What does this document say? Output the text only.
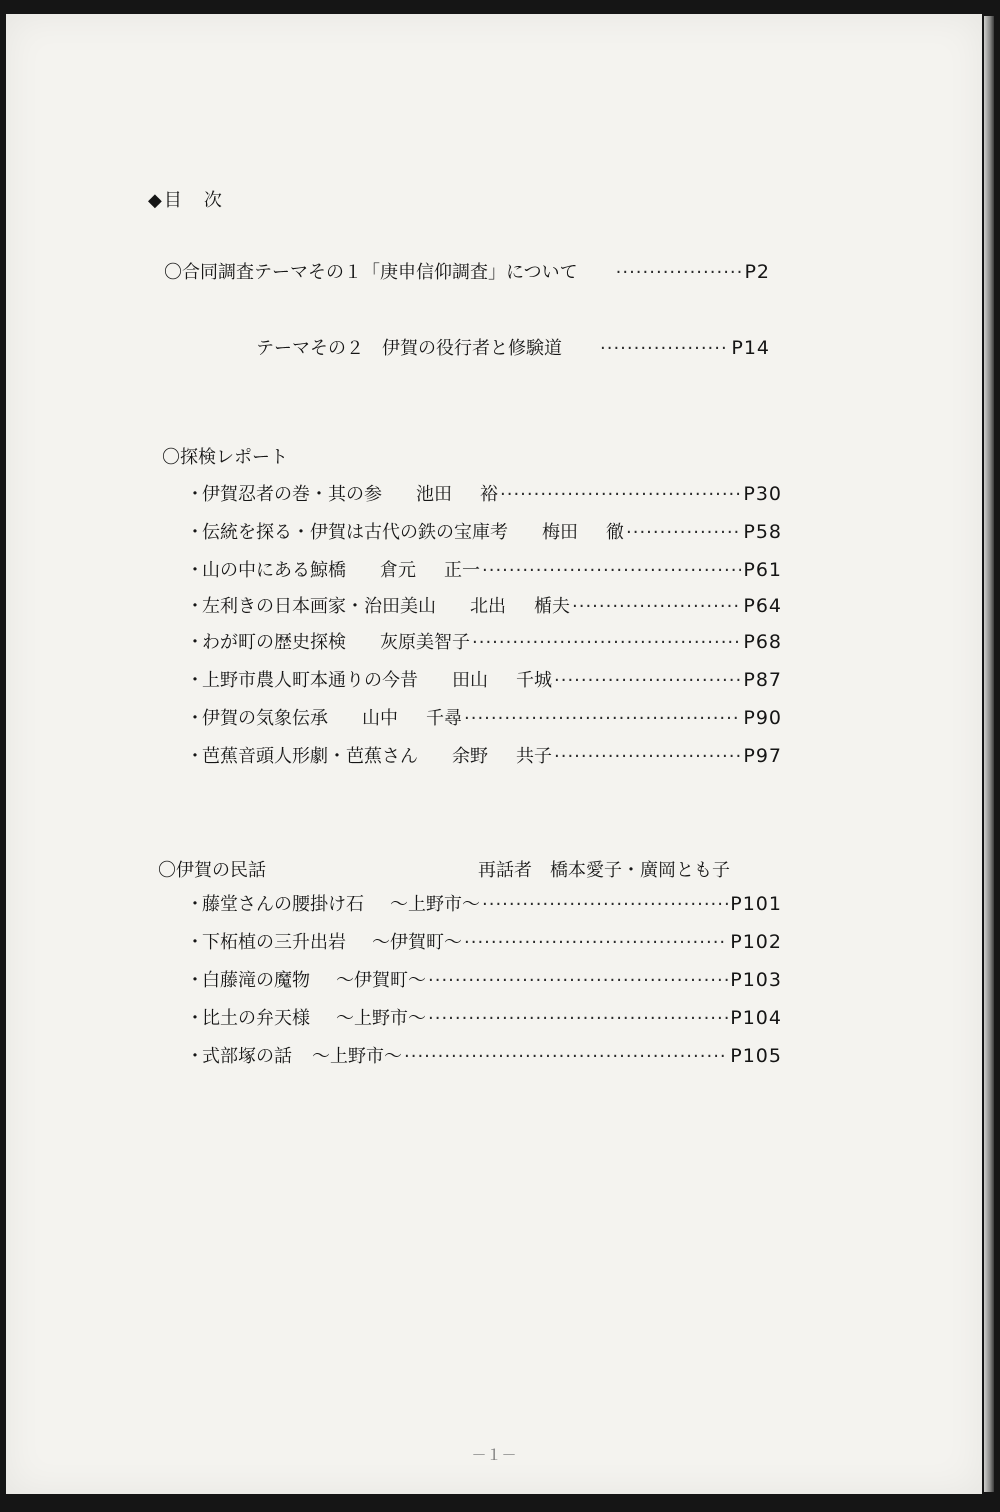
◆目　次
〇合同調査テーマその１「庚申信仰調査」について ·····	P2
テーマその２　伊賀の役行者と修験道 ·····	P14
〇探検レポート
・
伊賀忍者の巻・其の参 池田 裕 ·····	P30
・
伝統を探る・伊賀は古代の鉄の宝庫考 梅田 徹 ·····	P58
・
山の中にある鯨橋 倉元 正一 ·····	P61
・
左利きの日本画家・治田美山 北出 楯夫 ·····	P64
・
わが町の歴史探検 灰原美智子 ·····	P68
・
上野市農人町本通りの今昔 田山 千城 ·····	P87
・
伊賀の気象伝承 山中 千尋 ·····	P90
・
芭蕉音頭人形劇・芭蕉さん 余野 共子 ·····	P97
〇伊賀の民話	再話者 橋本愛子・廣岡とも子
・
藤堂さんの腰掛け石 ～上野市～ ·····	P101
・
下柘植の三升出岩 ～伊賀町～ ·····	P102
・
白藤滝の魔物 ～伊賀町～ ·····	P103
・
比土の弁天様 ～上野市～ ·····	P104
・
式部塚の話 ～上野市～ ·····	P105
－１－
